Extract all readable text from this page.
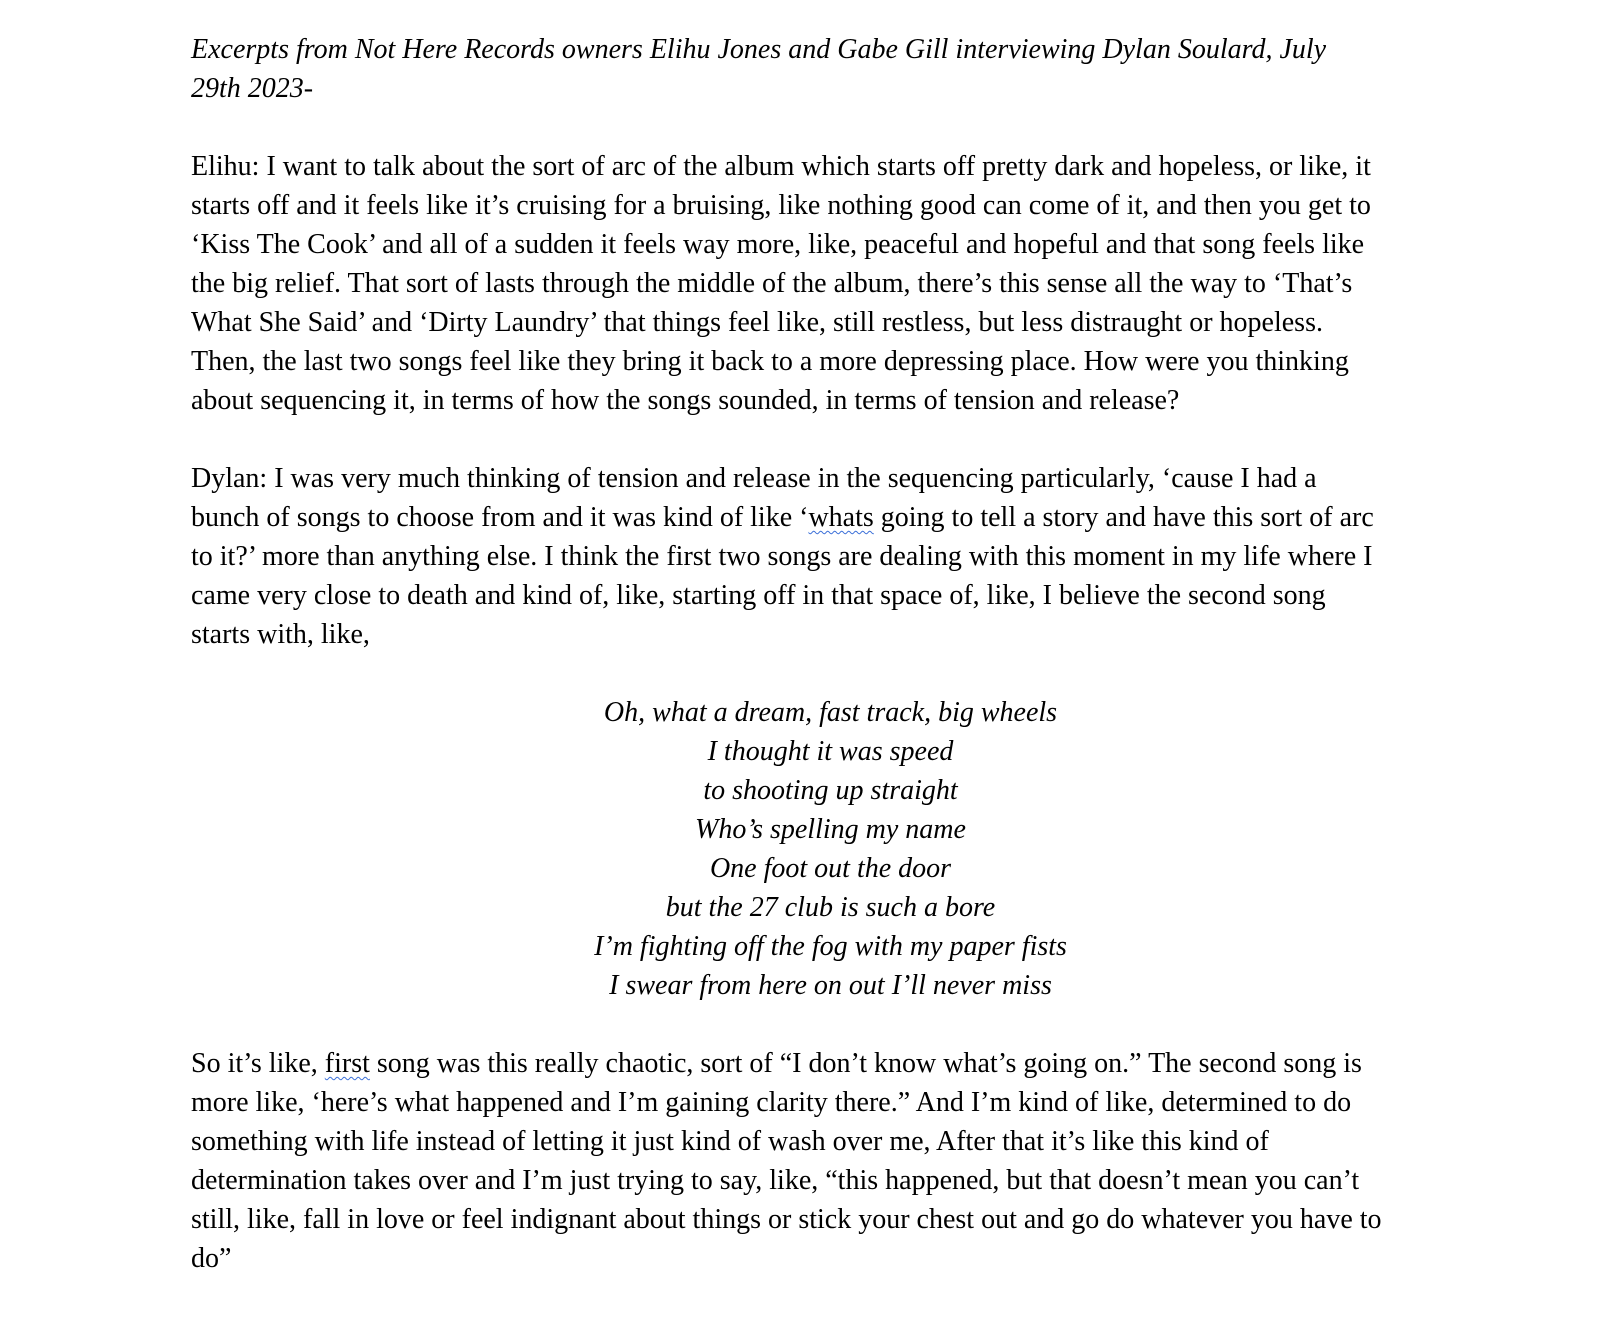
Excerpts from Not Here Records owners Elihu Jones and Gabe Gill interviewing Dylan Soulard, July
29th 2023-

Elihu: I want to talk about the sort of arc of the album which starts off pretty dark and hopeless, or like, it
starts off and it feels like it’s cruising for a bruising, like nothing good can come of it, and then you get to
‘Kiss The Cook’ and all of a sudden it feels way more, like, peaceful and hopeful and that song feels like
the big relief. That sort of lasts through the middle of the album, there’s this sense all the way to ‘That’s
What She Said’ and ‘Dirty Laundry’ that things feel like, still restless, but less distraught or hopeless.
Then, the last two songs feel like they bring it back to a more depressing place. How were you thinking
about sequencing it, in terms of how the songs sounded, in terms of tension and release?

Dylan: I was very much thinking of tension and release in the sequencing particularly, ‘cause I had a
bunch of songs to choose from and it was kind of like ‘whats going to tell a story and have this sort of arc
to it?’ more than anything else. I think the first two songs are dealing with this moment in my life where I
came very close to death and kind of, like, starting off in that space of, like, I believe the second song
starts with, like,

Oh, what a dream, fast track, big wheels
I thought it was speed
to shooting up straight
Who’s spelling my name
One foot out the door
but the 27 club is such a bore
I’m fighting off the fog with my paper fists
I swear from here on out I’ll never miss

So it’s like, first song was this really chaotic, sort of “I don’t know what’s going on.” The second song is
more like, ‘here’s what happened and I’m gaining clarity there.” And I’m kind of like, determined to do
something with life instead of letting it just kind of wash over me, After that it’s like this kind of
determination takes over and I’m just trying to say, like, “this happened, but that doesn’t mean you can’t
still, like, fall in love or feel indignant about things or stick your chest out and go do whatever you have to
do”
